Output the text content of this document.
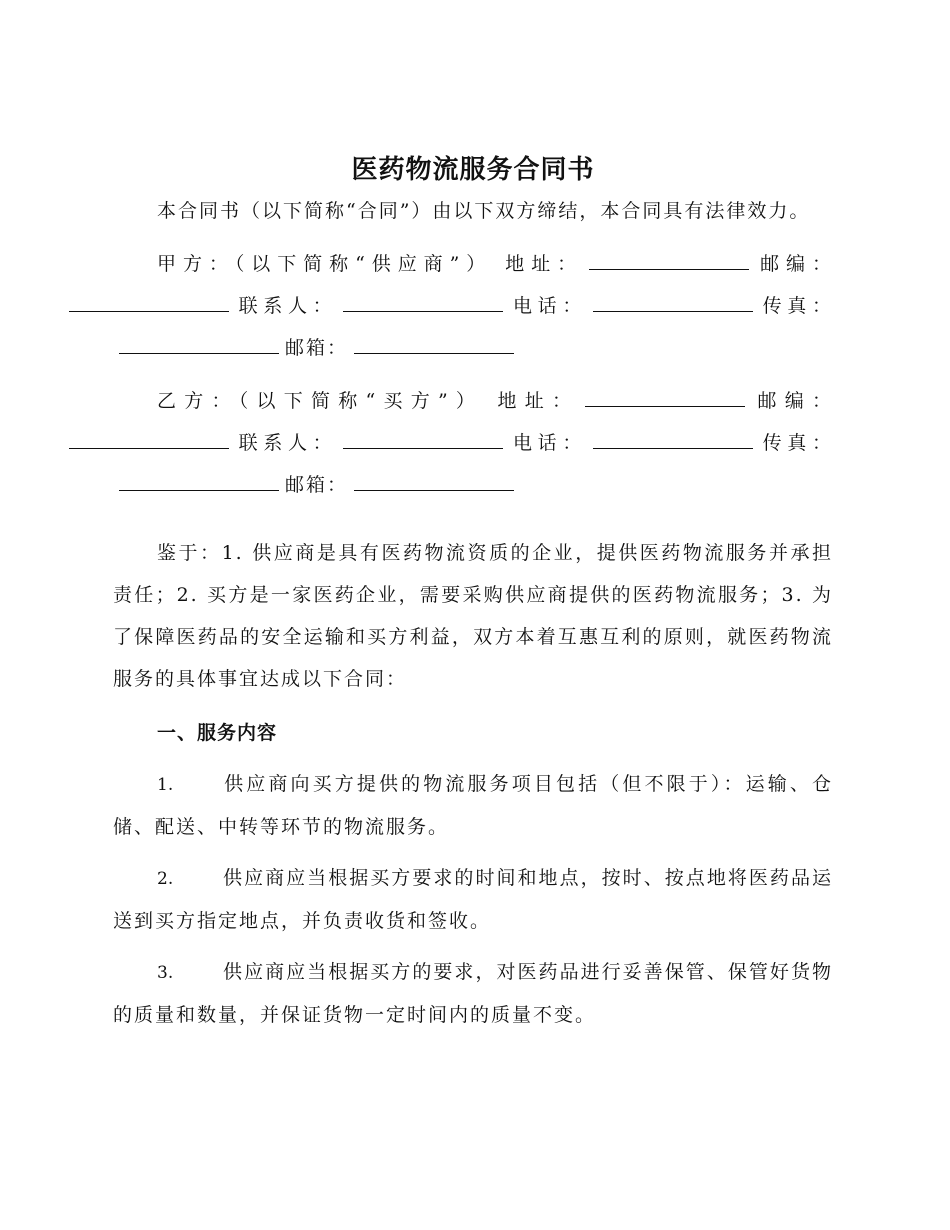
医药物流服务合同书

本合同书（以下简称“合同”）由以下双方缔结，本合同具有法律效力。

甲方：（以下简称“供应商”） 地址：	邮编： 联系人：	电话：	传真： 邮箱：

乙方：（以下简称“买方”） 地址：	邮编： 联系人：	电话：	传真： 邮箱：

鉴于：1. 供应商是具有医药物流资质的企业，提供医药物流服务并承担责任；2. 买方是一家医药企业，需要采购供应商提供的医药物流服务；3. 为了保障医药品的安全运输和买方利益，双方本着互惠互利的原则，就医药物流服务的具体事宜达成以下合同：

一、服务内容

1.	供应商向买方提供的物流服务项目包括（但不限于）：运输、仓储、配送、中转等环节的物流服务。

2.	供应商应当根据买方要求的时间和地点，按时、按点地将医药品运送到买方指定地点，并负责收货和签收。

3.	供应商应当根据买方的要求，对医药品进行妥善保管、保管好货物的质量和数量，并保证货物一定时间内的质量不变。
